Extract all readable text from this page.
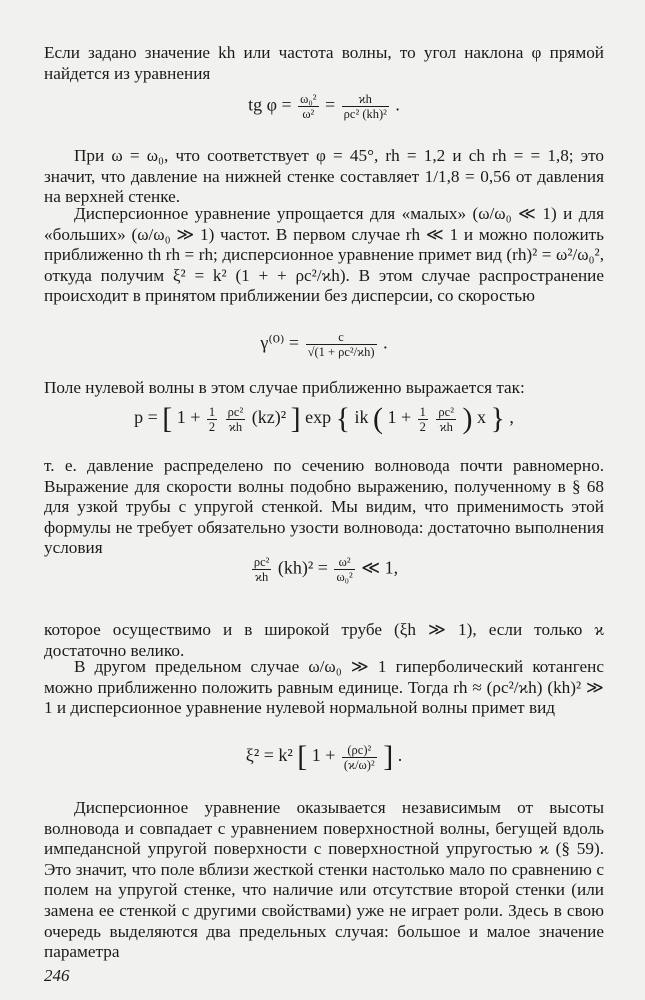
Если задано значение kh или частота волны, то угол наклона φ прямой найдется из уравнения

tg $\varphi = \frac{\text{ω₀²}}{\text{ω²}} = \frac{ϰh}{\text{ρc² (kh)²}}$ .

При ω = ω₀, что соответствует φ = 45°, rh = 1,2 и ch rh = = 1,8; это значит, что давление на нижней стенке составляет 1/1,8 = 0,56 от давления на верхней стенке.

Дисперсионное уравнение упрощается для «малых» (ω/ω₀ ≪ 1) и для «больших» (ω/ω₀ ≫ 1) частот. В первом случае rh ≪ 1 и можно положить приближенно th rh = rh; дисперсионное уравнение примет вид (rh)² = ω²/ω₀², откуда получим ξ² = k² (1 + + ρc²/ϰh). В этом случае распространение происходит в принятом приближении без дисперсии, со скоростью

$\gamma^{(0)} = \frac{c}{\text{√(1 + ρc²/ϰh)}}$ .

Поле нулевой волны в этом случае приближенно выражается так:

p = [ $1 + \frac{1}{2}$
$\frac{\text{ρc²}}{ϰh} (kz)^2$ ] exp { ik ( $1 + \frac{1}{2}$
$\frac{\text{ρc²}}{ϰh}$ ) x } ,

т. е. давление распределено по сечению волновода почти равномерно. Выражение для скорости волны подобно выражению, полученному в § 68 для узкой трубы с упругой стенкой. Мы видим, что применимость этой формулы не требует обязательно узости волновода: достаточно выполнения условия

$\frac{\text{ρc²}}{ϰh} (kh)^2 = \frac{\text{ω²}}{\text{ω₀²}}$ ≪ 1,

которое осуществимо и в широкой трубе (ξh ≫ 1), если только ϰ достаточно велико.

В другом предельном случае ω/ω₀ ≫ 1 гиперболический котангенс можно приближенно положить равным единице. Тогда rh ≈ (ρc²/ϰh) (kh)² ≫ 1 и дисперсионное уравнение нулевой нормальной волны примет вид

ξ² = k² [ $1 + \frac{\text{(ρc)²}}{\text{(ϰ/ω)²}}$ ] .

Дисперсионное уравнение оказывается независимым от высоты волновода и совпадает с уравнением поверхностной волны, бегущей вдоль импедансной упругой поверхности с поверхностной упругостью ϰ (§ 59). Это значит, что поле вблизи жесткой стенки настолько мало по сравнению с полем на упругой стенке, что наличие или отсутствие второй стенки (или замена ее стенкой с другими свойствами) уже не играет роли. Здесь в свою очередь выделяются два предельных случая: большое и малое значение параметра

246
